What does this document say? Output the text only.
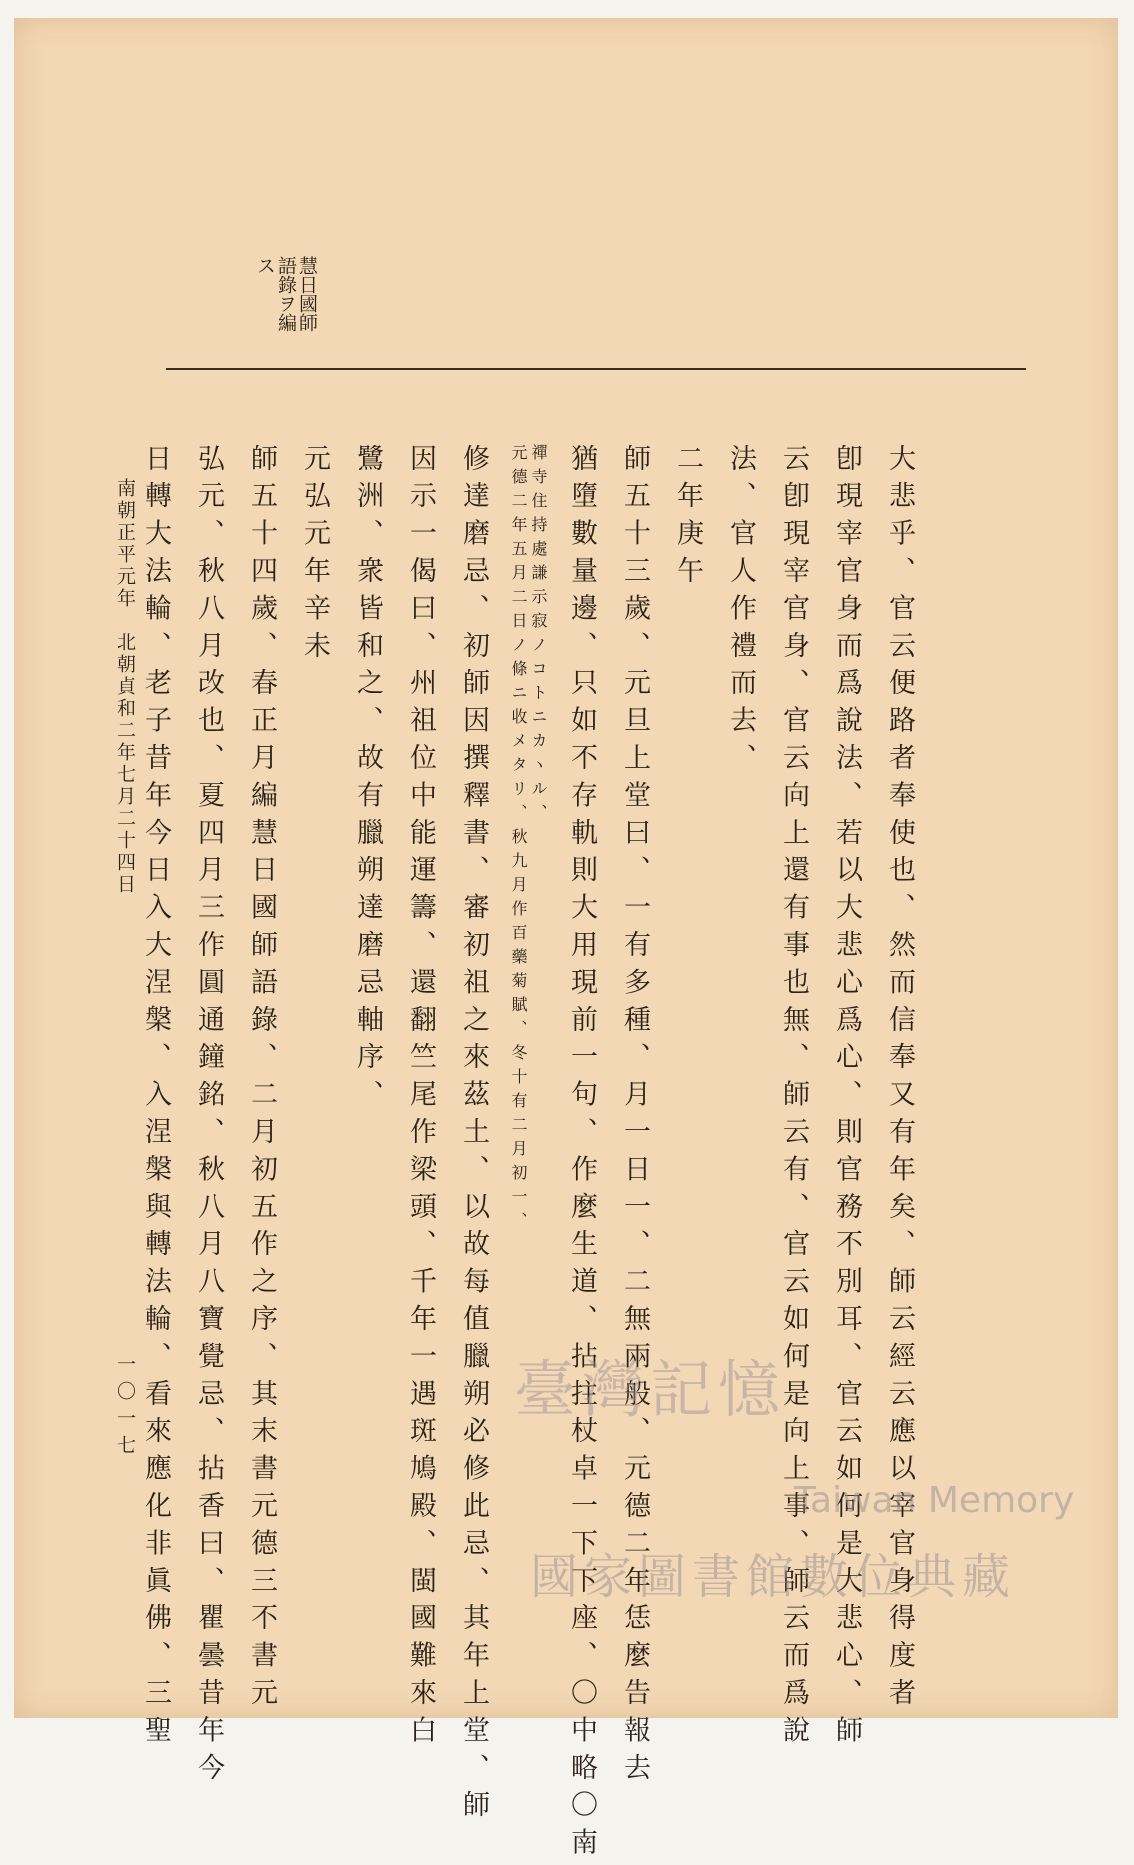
慧日國師
語錄ヲ編
ス
大悲乎、官云便路者奉使也、然而信奉又有年矣、師云經云應以宰官身得度者
卽現宰官身而爲說法、若以大悲心爲心、則官務不別耳、官云如何是大悲心、師
云卽現宰官身、官云向上還有事也無、師云有、官云如何是向上事、師云而爲說
法、官人作禮而去、
二年庚午
師五十三歲、元旦上堂曰、一有多種、月一日一、二無兩般、元德二年恁麼告報去
猶墮數量邊、只如不存軌則大用現前一句、作麼生道、拈拄杖卓一下下座、〇中略〇南
禪寺住持處謙示寂ノコトニカヽル、
元德二年五月二日ノ條ニ收メタリ、秋九月作百藥菊賦、冬十有二月初一、
修達磨忌、初師因撰釋書、審初祖之來茲土、以故每值臘朔必修此忌、其年上堂、師
因示一偈曰、州祖位中能運籌、還翻竺尾作梁頭、千年一遇斑鳩殿、閩國難來白
鷺洲、衆皆和之、故有臘朔達磨忌軸序、
元弘元年辛未
師五十四歲、春正月編慧日國師語錄、二月初五作之序、其末書元德三不書元
弘元、秋八月改也、夏四月三作圓通鐘銘、秋八月八寶覺忌、拈香曰、瞿曇昔年今
日轉大法輪、老子昔年今日入大涅槃、入涅槃與轉法輪、看來應化非眞佛、三聖
南朝正平元年　北朝貞和二年七月二十四日
一〇一七	臺灣記憶
Taiwan Memory
國家圖書館數位典藏
